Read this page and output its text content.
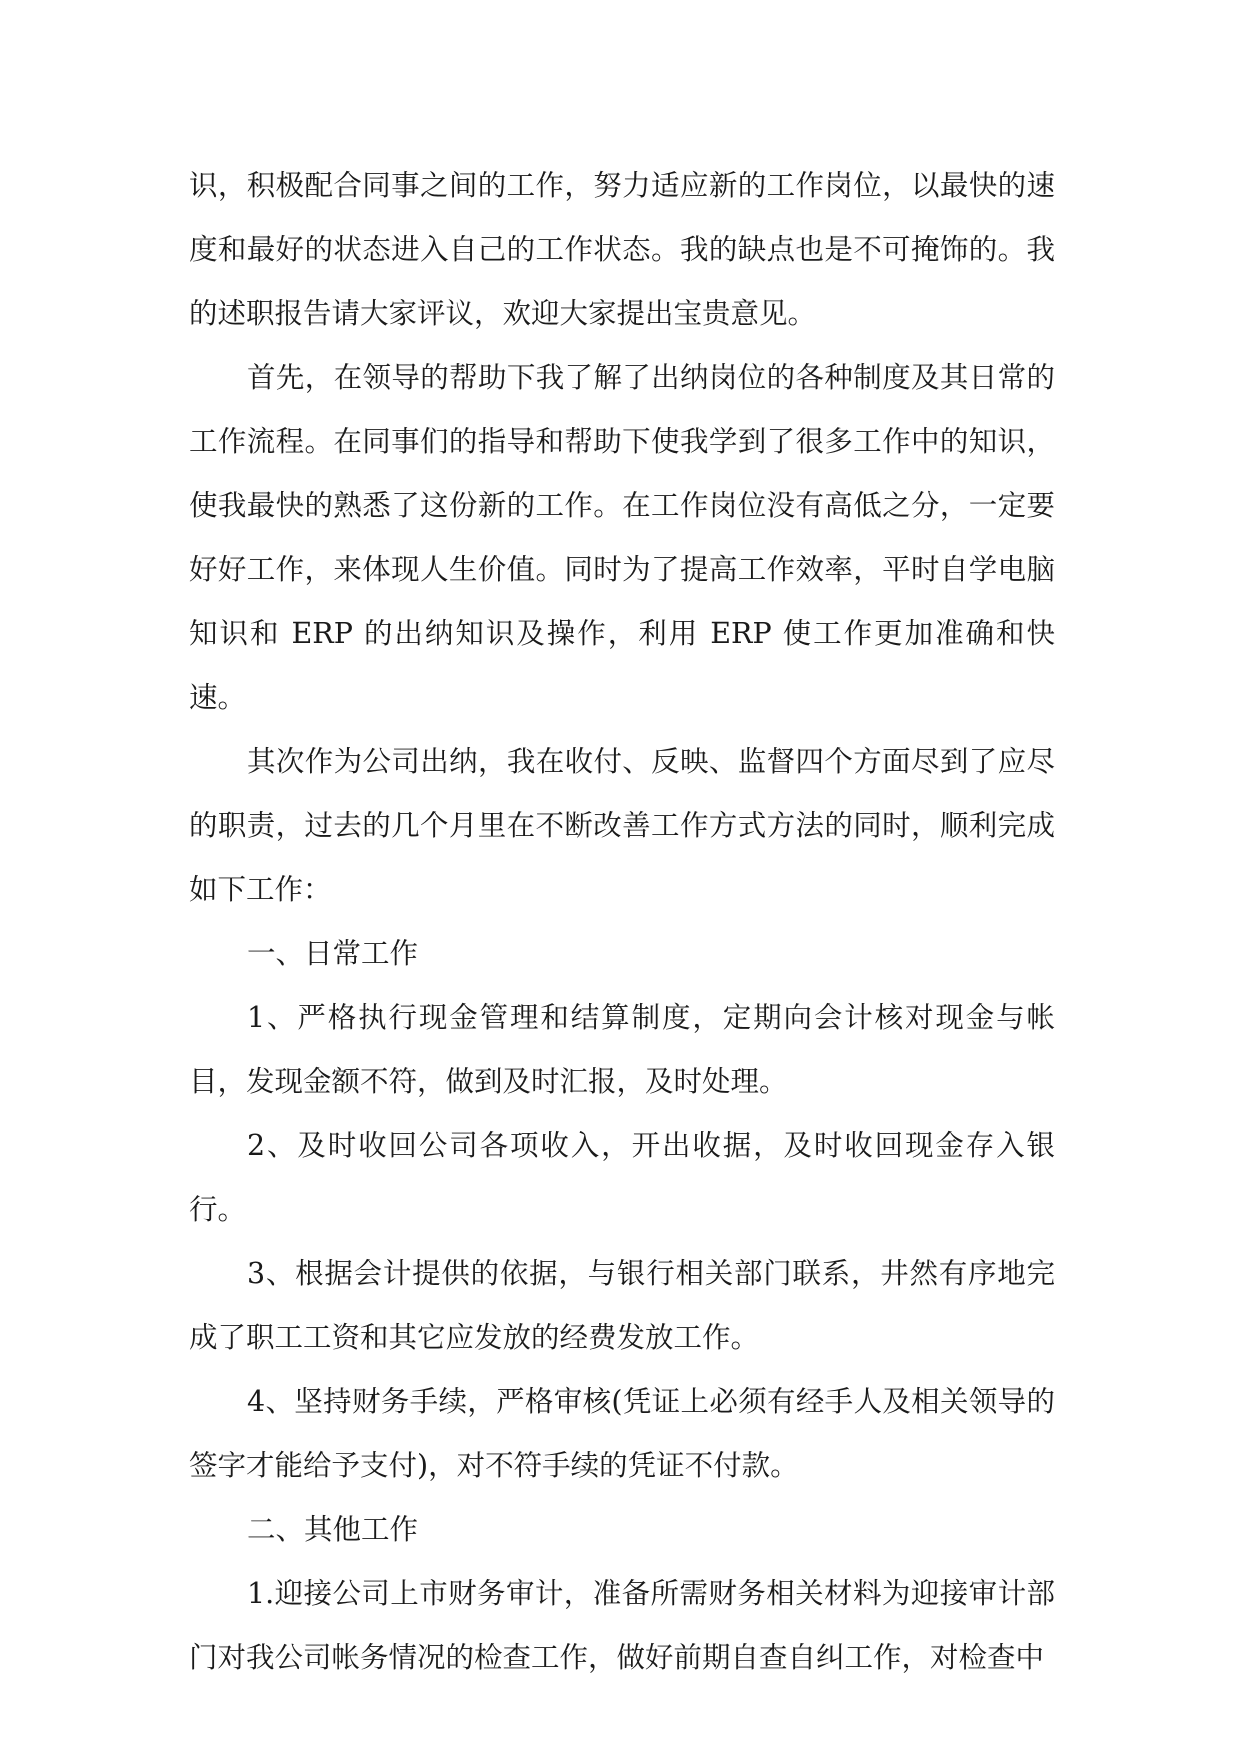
识，积极配合同事之间的工作，努力适应新的工作岗位，以最快的速度和最好的状态进入自己的工作状态。我的缺点也是不可掩饰的。我的述职报告请大家评议，欢迎大家提出宝贵意见。

首先，在领导的帮助下我了解了出纳岗位的各种制度及其日常的工作流程。在同事们的指导和帮助下使我学到了很多工作中的知识，使我最快的熟悉了这份新的工作。在工作岗位没有高低之分，一定要好好工作，来体现人生价值。同时为了提高工作效率，平时自学电脑知识和 ERP 的出纳知识及操作，利用 ERP 使工作更加准确和快速。

其次作为公司出纳，我在收付、反映、监督四个方面尽到了应尽的职责，过去的几个月里在不断改善工作方式方法的同时，顺利完成如下工作：

一、日常工作

1、严格执行现金管理和结算制度，定期向会计核对现金与帐目，发现金额不符，做到及时汇报，及时处理。

2、及时收回公司各项收入，开出收据，及时收回现金存入银行。

3、根据会计提供的依据，与银行相关部门联系，井然有序地完成了职工工资和其它应发放的经费发放工作。

4、坚持财务手续，严格审核(凭证上必须有经手人及相关领导的签字才能给予支付)，对不符手续的凭证不付款。

二、其他工作

1.迎接公司上市财务审计，准备所需财务相关材料为迎接审计部门对我公司帐务情况的检查工作，做好前期自查自纠工作，对检查中
